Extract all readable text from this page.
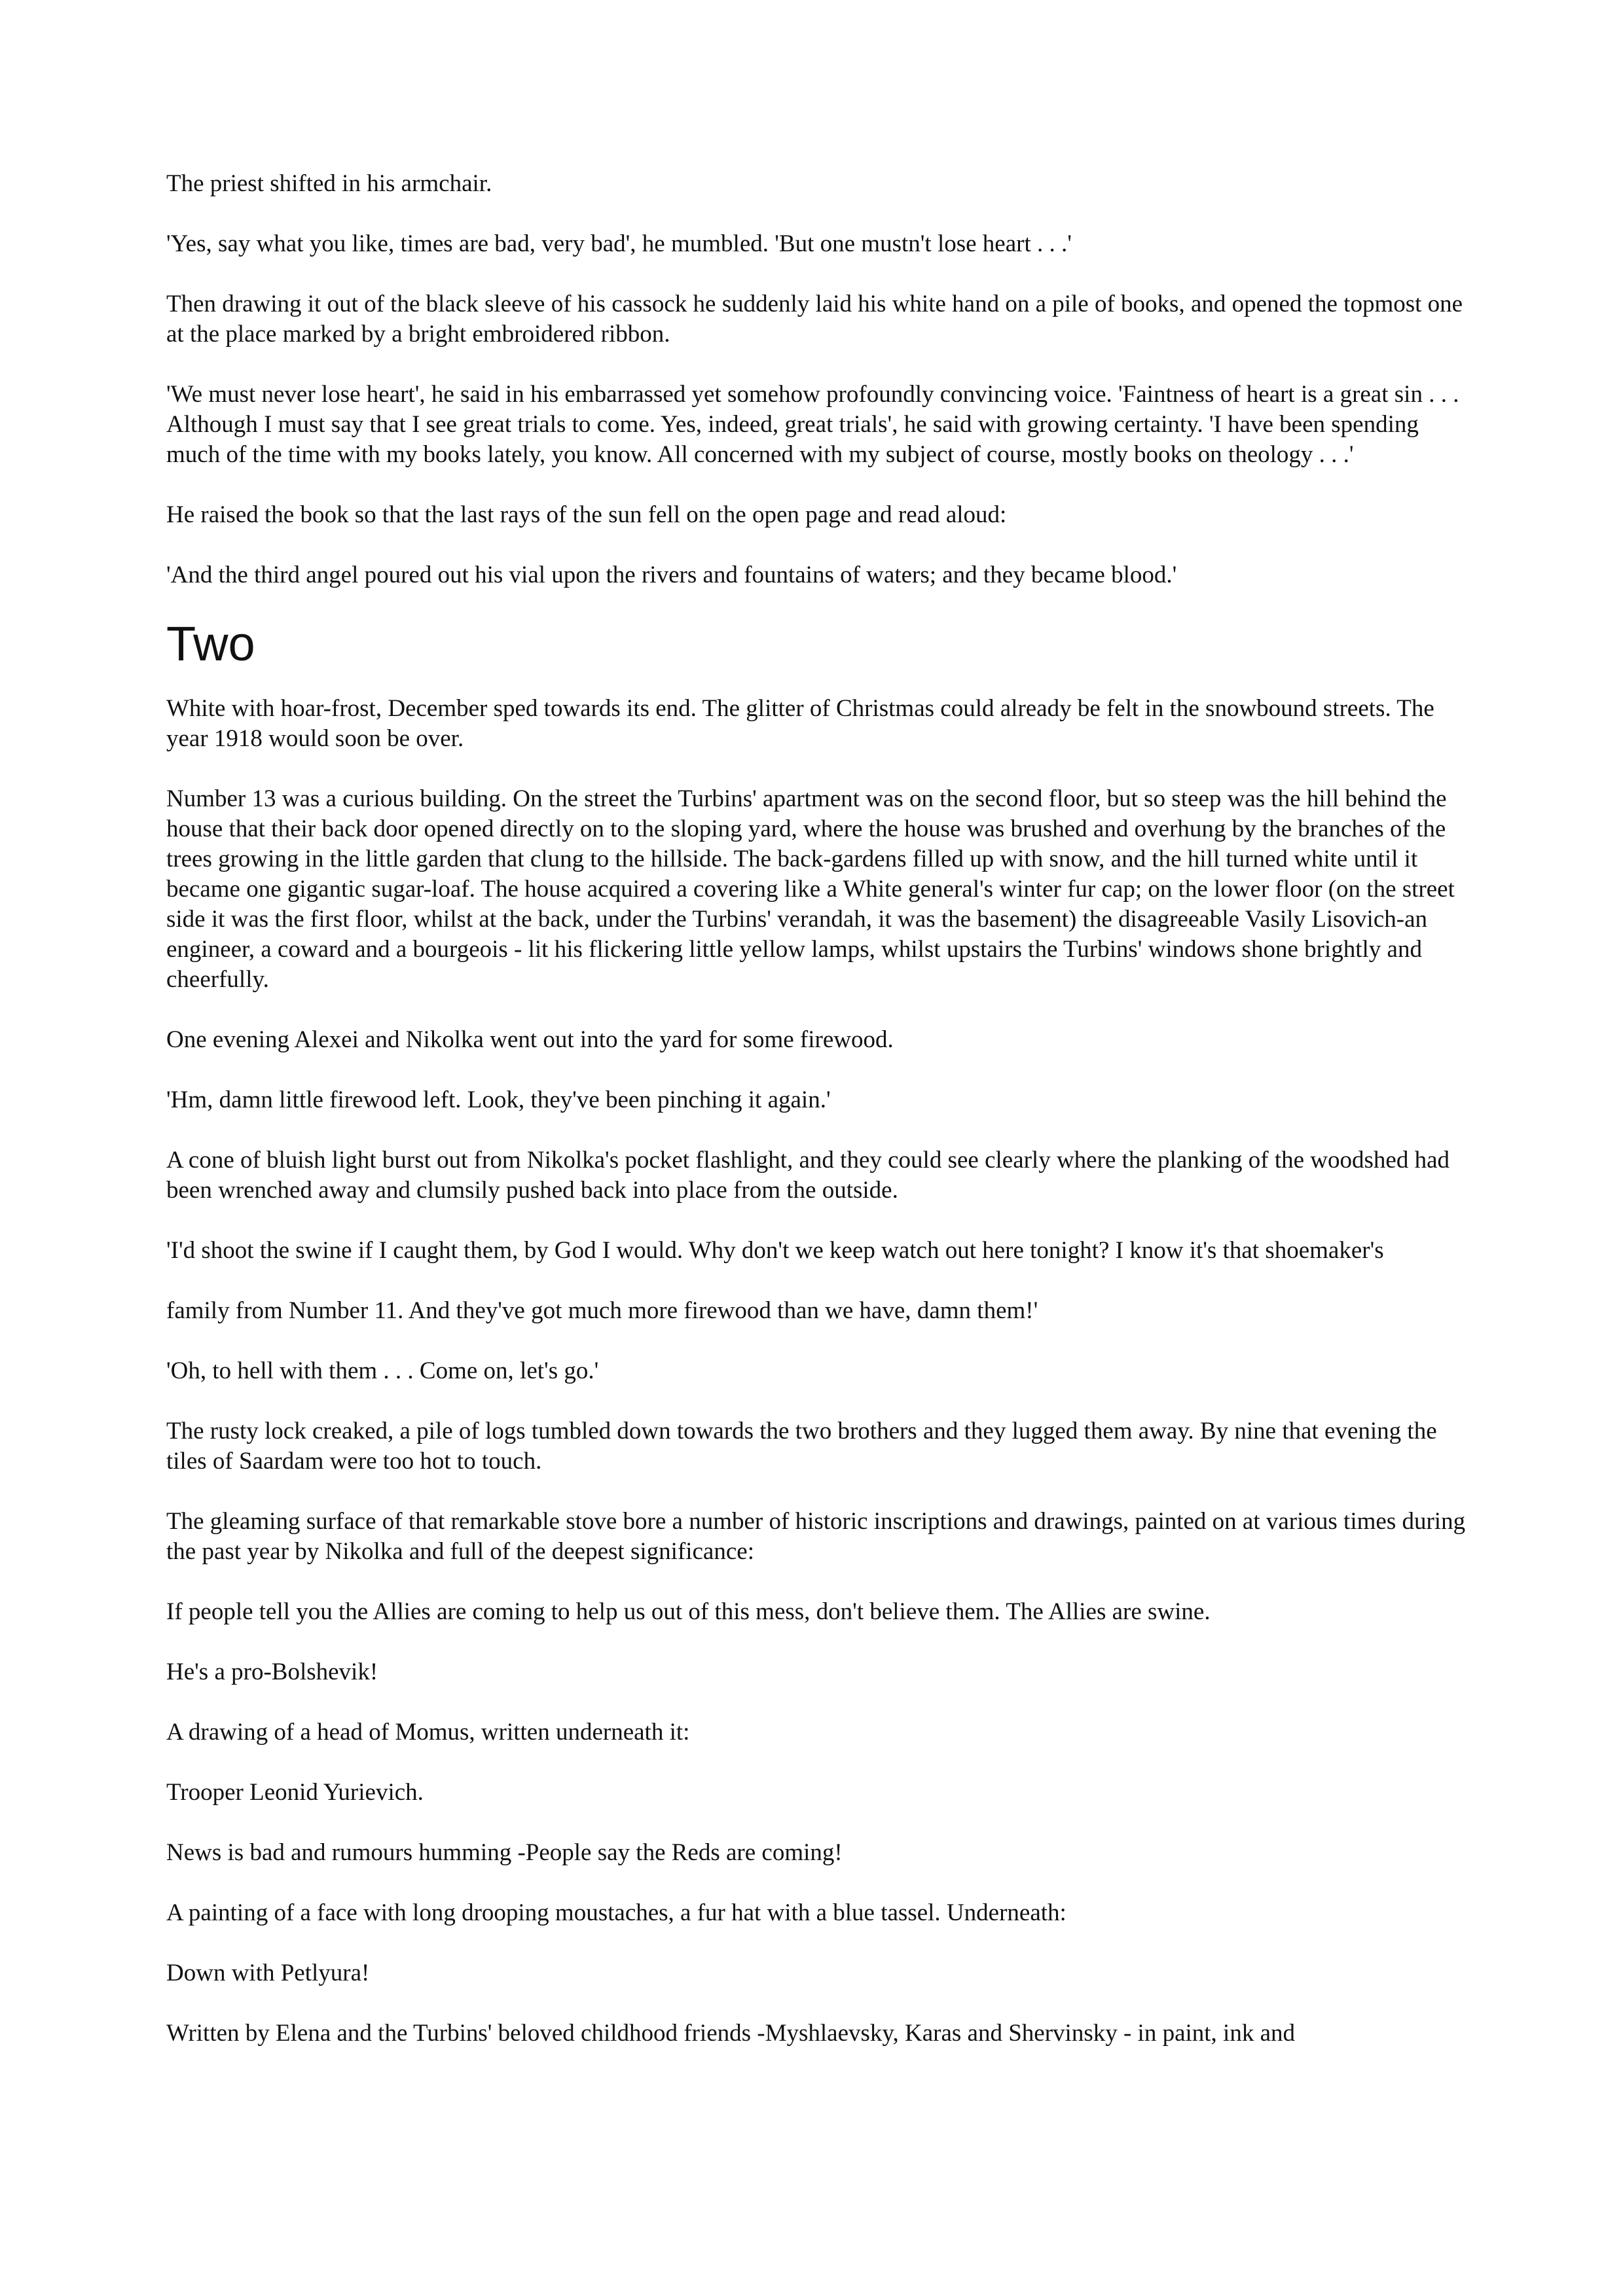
The priest shifted in his armchair.

'Yes, say what you like, times are bad, very bad', he mumbled. 'But one mustn't lose heart . . .'

Then drawing it out of the black sleeve of his cassock he suddenly laid his white hand on a pile of books, and opened the topmost one at the place marked by a bright embroidered ribbon.

'We must never lose heart', he said in his embarrassed yet somehow profoundly convincing voice. 'Faintness of heart is a great sin . . . Although I must say that I see great trials to come. Yes, indeed, great trials', he said with growing certainty. 'I have been spending much of the time with my books lately, you know. All concerned with my subject of course, mostly books on theology . . .'

He raised the book so that the last rays of the sun fell on the open page and read aloud:

'And the third angel poured out his vial upon the rivers and fountains of waters; and they became blood.'

Two

White with hoar-frost, December sped towards its end. The glitter of Christmas could already be felt in the snowbound streets. The year 1918 would soon be over.

Number 13 was a curious building. On the street the Turbins' apartment was on the second floor, but so steep was the hill behind the house that their back door opened directly on to the sloping yard, where the house was brushed and overhung by the branches of the trees growing in the little garden that clung to the hillside. The back-gardens filled up with snow, and the hill turned white until it became one gigantic sugar-loaf. The house acquired a covering like a White general's winter fur cap; on the lower floor (on the street side it was the first floor, whilst at the back, under the Turbins' verandah, it was the basement) the disagreeable Vasily Lisovich-an engineer, a coward and a bourgeois - lit his flickering little yellow lamps, whilst upstairs the Turbins' windows shone brightly and cheerfully.

One evening Alexei and Nikolka went out into the yard for some firewood.

'Hm, damn little firewood left. Look, they've been pinching it again.'

A cone of bluish light burst out from Nikolka's pocket flashlight, and they could see clearly where the planking of the woodshed had been wrenched away and clumsily pushed back into place from the outside.

'I'd shoot the swine if I caught them, by God I would. Why don't we keep watch out here tonight? I know it's that shoemaker's

family from Number 11. And they've got much more firewood than we have, damn them!'

'Oh, to hell with them . . . Come on, let's go.'

The rusty lock creaked, a pile of logs tumbled down towards the two brothers and they lugged them away. By nine that evening the tiles of Saardam were too hot to touch.

The gleaming surface of that remarkable stove bore a number of historic inscriptions and drawings, painted on at various times during the past year by Nikolka and full of the deepest significance:

If people tell you the Allies are coming to help us out of this mess, don't believe them. The Allies are swine.

He's a pro-Bolshevik!

A drawing of a head of Momus, written underneath it:

Trooper Leonid Yurievich.

News is bad and rumours humming -People say the Reds are coming!

A painting of a face with long drooping moustaches, a fur hat with a blue tassel. Underneath:

Down with Petlyura!

Written by Elena and the Turbins' beloved childhood friends -Myshlaevsky, Karas and Shervinsky - in paint, ink and
